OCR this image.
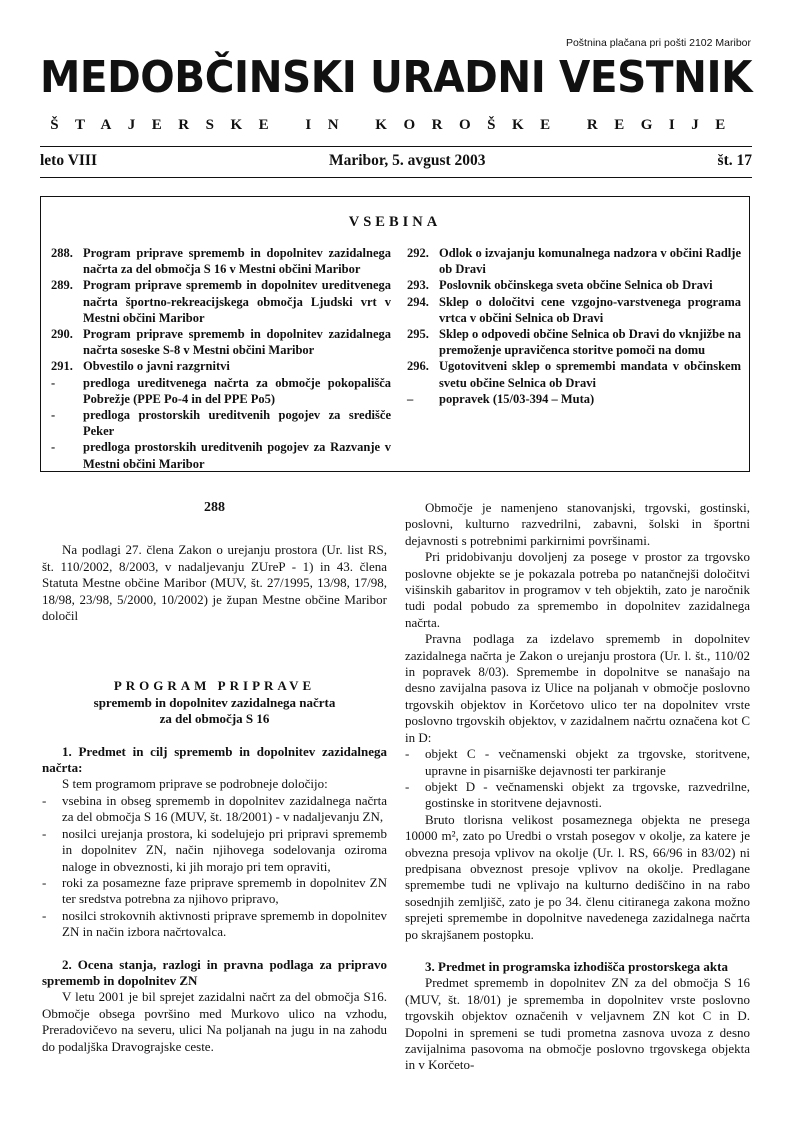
Poštnina plačana pri pošti 2102 Maribor
MEDOBČINSKI URADNI VESTNIK
ŠTAJERSKE IN KOROŠKE REGIJE
leto VIII	Maribor, 5. avgust 2003	št. 17
VSEBINA
288. Program priprave sprememb in dopolnitev zazidalnega načrta za del območja S 16 v Mestni občini Maribor
289. Program priprave sprememb in dopolnitev ureditvenega načrta športno-rekreacijskega območja Ljudski vrt v Mestni občini Maribor
290. Program priprave sprememb in dopolnitev zazidalnega načrta soseske S-8 v Mestni občini Maribor
291. Obvestilo o javni razgrnitvi
-	predloga ureditvenega načrta za območje pokopališča Pobrežje (PPE Po-4 in del PPE Po5)
-	predloga prostorskih ureditvenih pogojev za središče Peker
-	predloga prostorskih ureditvenih pogojev za Razvanje v Mestni občini Maribor
292. Odlok o izvajanju komunalnega nadzora v občini Radlje ob Dravi
293. Poslovnik občinskega sveta občine Selnica ob Dravi
294. Sklep o določitvi cene vzgojno-varstvenega programa vrtca v občini Selnica ob Dravi
295. Sklep o odpovedi občine Selnica ob Dravi do vknjižbe na premoženje upravičenca storitve pomoči na domu
296. Ugotovitveni sklep o spremembi mandata v občinskem svetu občine Selnica ob Dravi
–	popravek (15/03-394 – Muta)

288

Na podlagi 27. člena Zakon o urejanju prostora (Ur. list RS, št. 110/2002, 8/2003, v nadaljevanju ZUreP - 1) in 43. člena Statuta Mestne občine Maribor (MUV, št. 27/1995, 13/98, 17/98, 18/98, 23/98, 5/2000, 10/2002) je župan Mestne občine Maribor določil

PROGRAM PRIPRAVE

sprememb in dopolnitev zazidalnega načrta

za del območja S 16

1. Predmet in cilj sprememb in dopolnitev zazidalnega načrta:

S tem programom priprave se podrobneje določijo:

-	vsebina in obseg sprememb in dopolnitev zazidalnega načrta za del območja S 16 (MUV, št. 18/2001) - v nadaljevanju ZN,
-	nosilci urejanja prostora, ki sodelujejo pri pripravi sprememb in dopolnitev ZN, način njihovega sodelovanja oziroma naloge in obveznosti, ki jih morajo pri tem opraviti,
-	roki za posamezne faze priprave sprememb in dopolnitev ZN ter sredstva potrebna za njihovo pripravo,
-	nosilci strokovnih aktivnosti priprave sprememb in dopolnitev ZN in način izbora načrtovalca.

2. Ocena stanja, razlogi in pravna podlaga za pripravo sprememb in dopolnitev ZN

V letu 2001 je bil sprejet zazidalni načrt za del območja S16. Območje obsega površino med Murkovo ulico na vzhodu, Preradovičevo na severu, ulici Na poljanah na jugu in na zahodu do podaljška Dravograjske ceste.

Območje je namenjeno stanovanjski, trgovski, gostinski, poslovni, kulturno razvedrilni, zabavni, šolski in športni dejavnosti s potrebnimi parkirnimi površinami.

Pri pridobivanju dovoljenj za posege v prostor za trgovsko poslovne objekte se je pokazala potreba po natančnejši določitvi višinskih gabaritov in programov v teh objektih, zato je naročnik tudi podal pobudo za spremembo in dopolnitev zazidalnega načrta.

Pravna podlaga za izdelavo sprememb in dopolnitev zazidalnega načrta je Zakon o urejanju prostora (Ur. l. št., 110/02 in popravek 8/03). Spremembe in dopolnitve se nanašajo na desno zavijalna pasova iz Ulice na poljanah v območje poslovno trgovskih objektov in Korčetovo ulico ter na dopolnitev vrste poslovno trgovskih objektov, v zazidalnem načrtu označena kot C in D:

-	objekt C - večnamenski objekt za trgovske, storitvene, upravne in pisarniške dejavnosti ter parkiranje
-	objekt D - večnamenski objekt za trgovske, razvedrilne, gostinske in storitvene dejavnosti.

Bruto tlorisna velikost posameznega objekta ne presega 10000 m², zato po Uredbi o vrstah posegov v okolje, za katere je obvezna presoja vplivov na okolje (Ur. l. RS, 66/96 in 83/02) ni predpisana obveznost presoje vplivov na okolje. Predlagane spremembe tudi ne vplivajo na kulturno dediščino in na rabo sosednjih zemljišč, zato je po 34. členu citiranega zakona možno sprejeti spremembe in dopolnitve navedenega zazidalnega načrta po skrajšanem postopku.

3. Predmet in programska izhodišča prostorskega akta

Predmet sprememb in dopolnitev ZN za del območja S 16 (MUV, št. 18/01) je sprememba in dopolnitev vrste poslovno trgovskih objektov označenih v veljavnem ZN kot C in D. Dopolni in spremeni se tudi prometna zasnova uvoza z desno zavijalnima pasovoma na območje poslovno trgovskega objekta in v Korčeto-
